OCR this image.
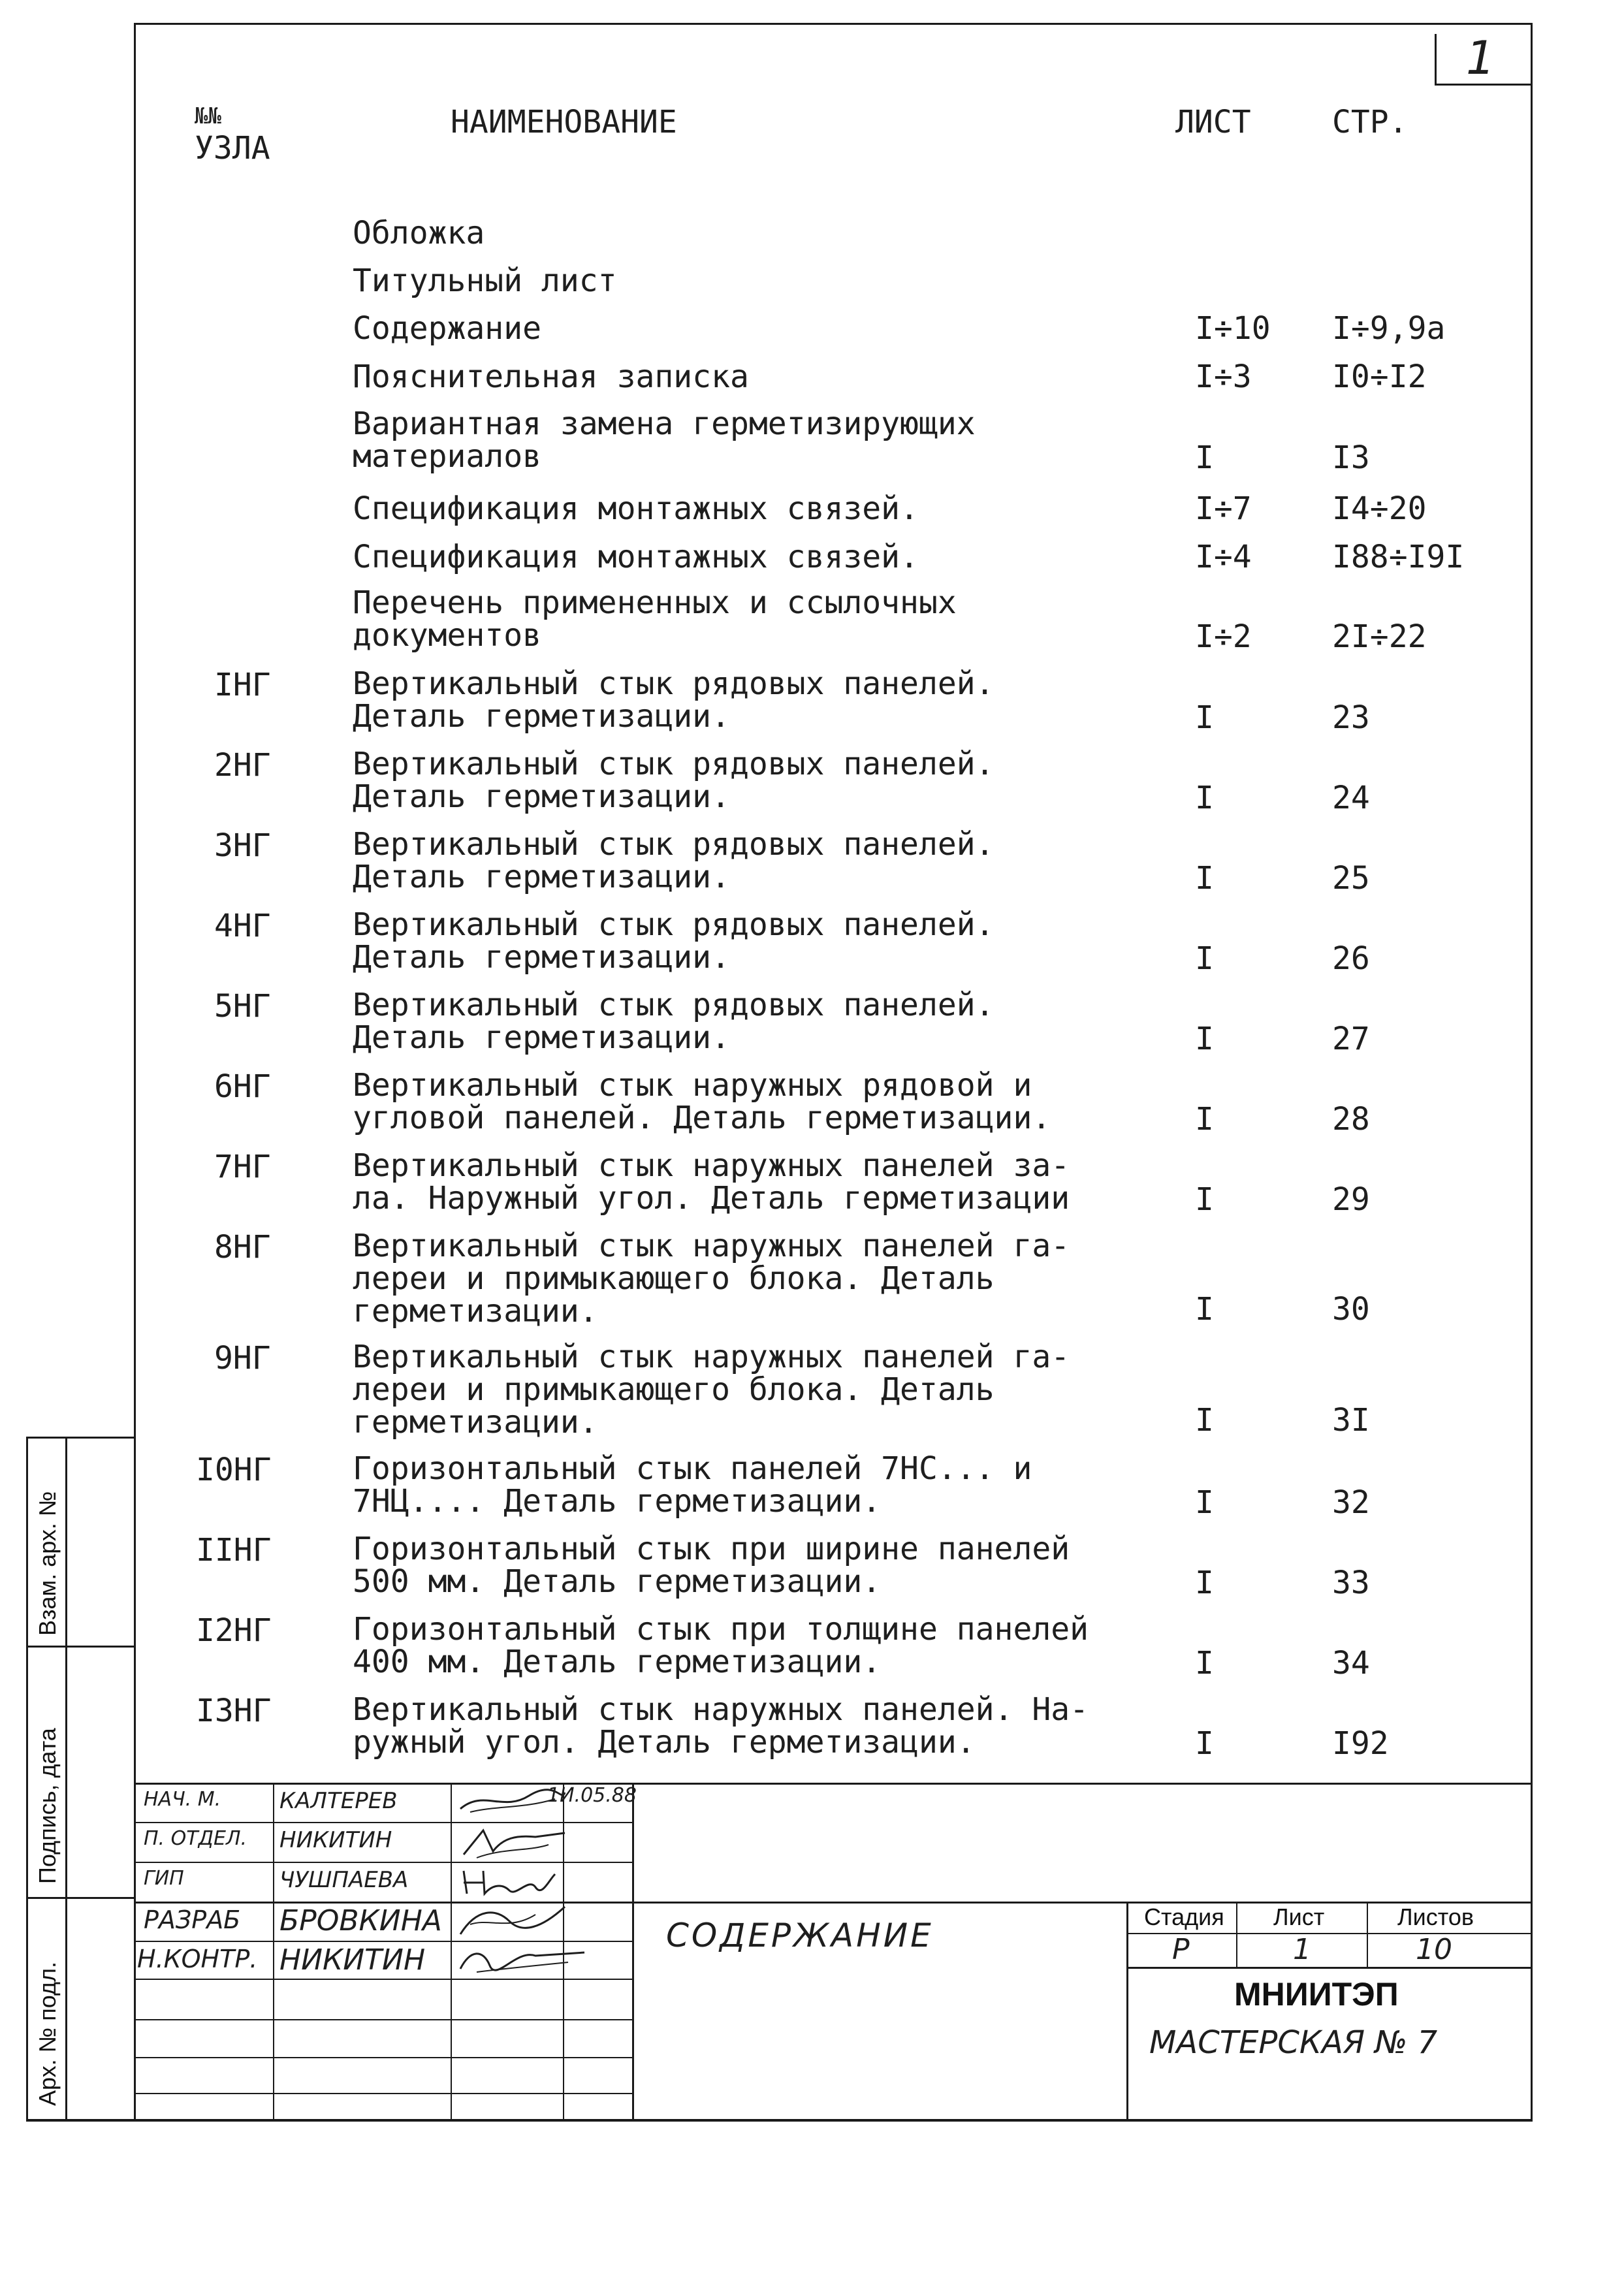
1
№№
УЗЛА
НАИМЕНОВАНИЕ	ЛИСТ	СТР.
Обложка
Титульный лист
Содержание	I÷10 I÷9,9а
Пояснительная записка	I÷3	I0÷I2
Вариантная замена герметизирующих
материалов	I	I3
Спецификация монтажных связей.	I÷7	I4÷20
Спецификация монтажных связей.	I÷4	I88÷I9I
Перечень примененных и ссылочных
документов	I÷2	2I÷22
IНГ	Вертикальный стык рядовых панелей.
Деталь герметизации.	I	23
2НГ	Вертикальный стык рядовых панелей.
Деталь герметизации.	I	24
3НГ	Вертикальный стык рядовых панелей.
Деталь герметизации.	I	25
4НГ	Вертикальный стык рядовых панелей.
Деталь герметизации.	I	26
5НГ	Вертикальный стык рядовых панелей.
Деталь герметизации.	I	27
6НГ	Вертикальный стык наружных рядовой и
угловой панелей. Деталь герметизации.	I	28
7НГ	Вертикальный стык наружных панелей за-
ла. Наружный угол. Деталь герметизации	I	29
8НГ	Вертикальный стык наружных панелей га-
лереи и примыкающего блока. Деталь
герметизации.	I	30
9НГ	Вертикальный стык наружных панелей га-
лереи и примыкающего блока. Деталь
герметизации.	I	3I
I0НГ	Горизонтальный стык панелей 7НС... и
7НЦ.... Деталь герметизации.	I	32
IIНГ	Горизонтальный стык при ширине панелей
500 мм. Деталь герметизации.	I	33
I2НГ	Горизонтальный стык при толщине панелей
400 мм. Деталь герметизации.	I	34
I3НГ	Вертикальный стык наружных панелей. На-
ружный угол. Деталь герметизации.	I	I92
НАЧ. М.	КАЛТЕРЕВ	1И.05.88
П. ОТДЕЛ. НИКИТИН
ГИП	ЧУШПАЕВА
РАЗРАБ БРОВКИНА
Н.КОНТР. НИКИТИН
СОДЕРЖАНИЕ	Стадия Лист	Листов
Р	1	10
МНИИТЭП
МАСТЕРСКАЯ № 7
Взам. арх. №
Подпись, дата
Арх. № подл.
